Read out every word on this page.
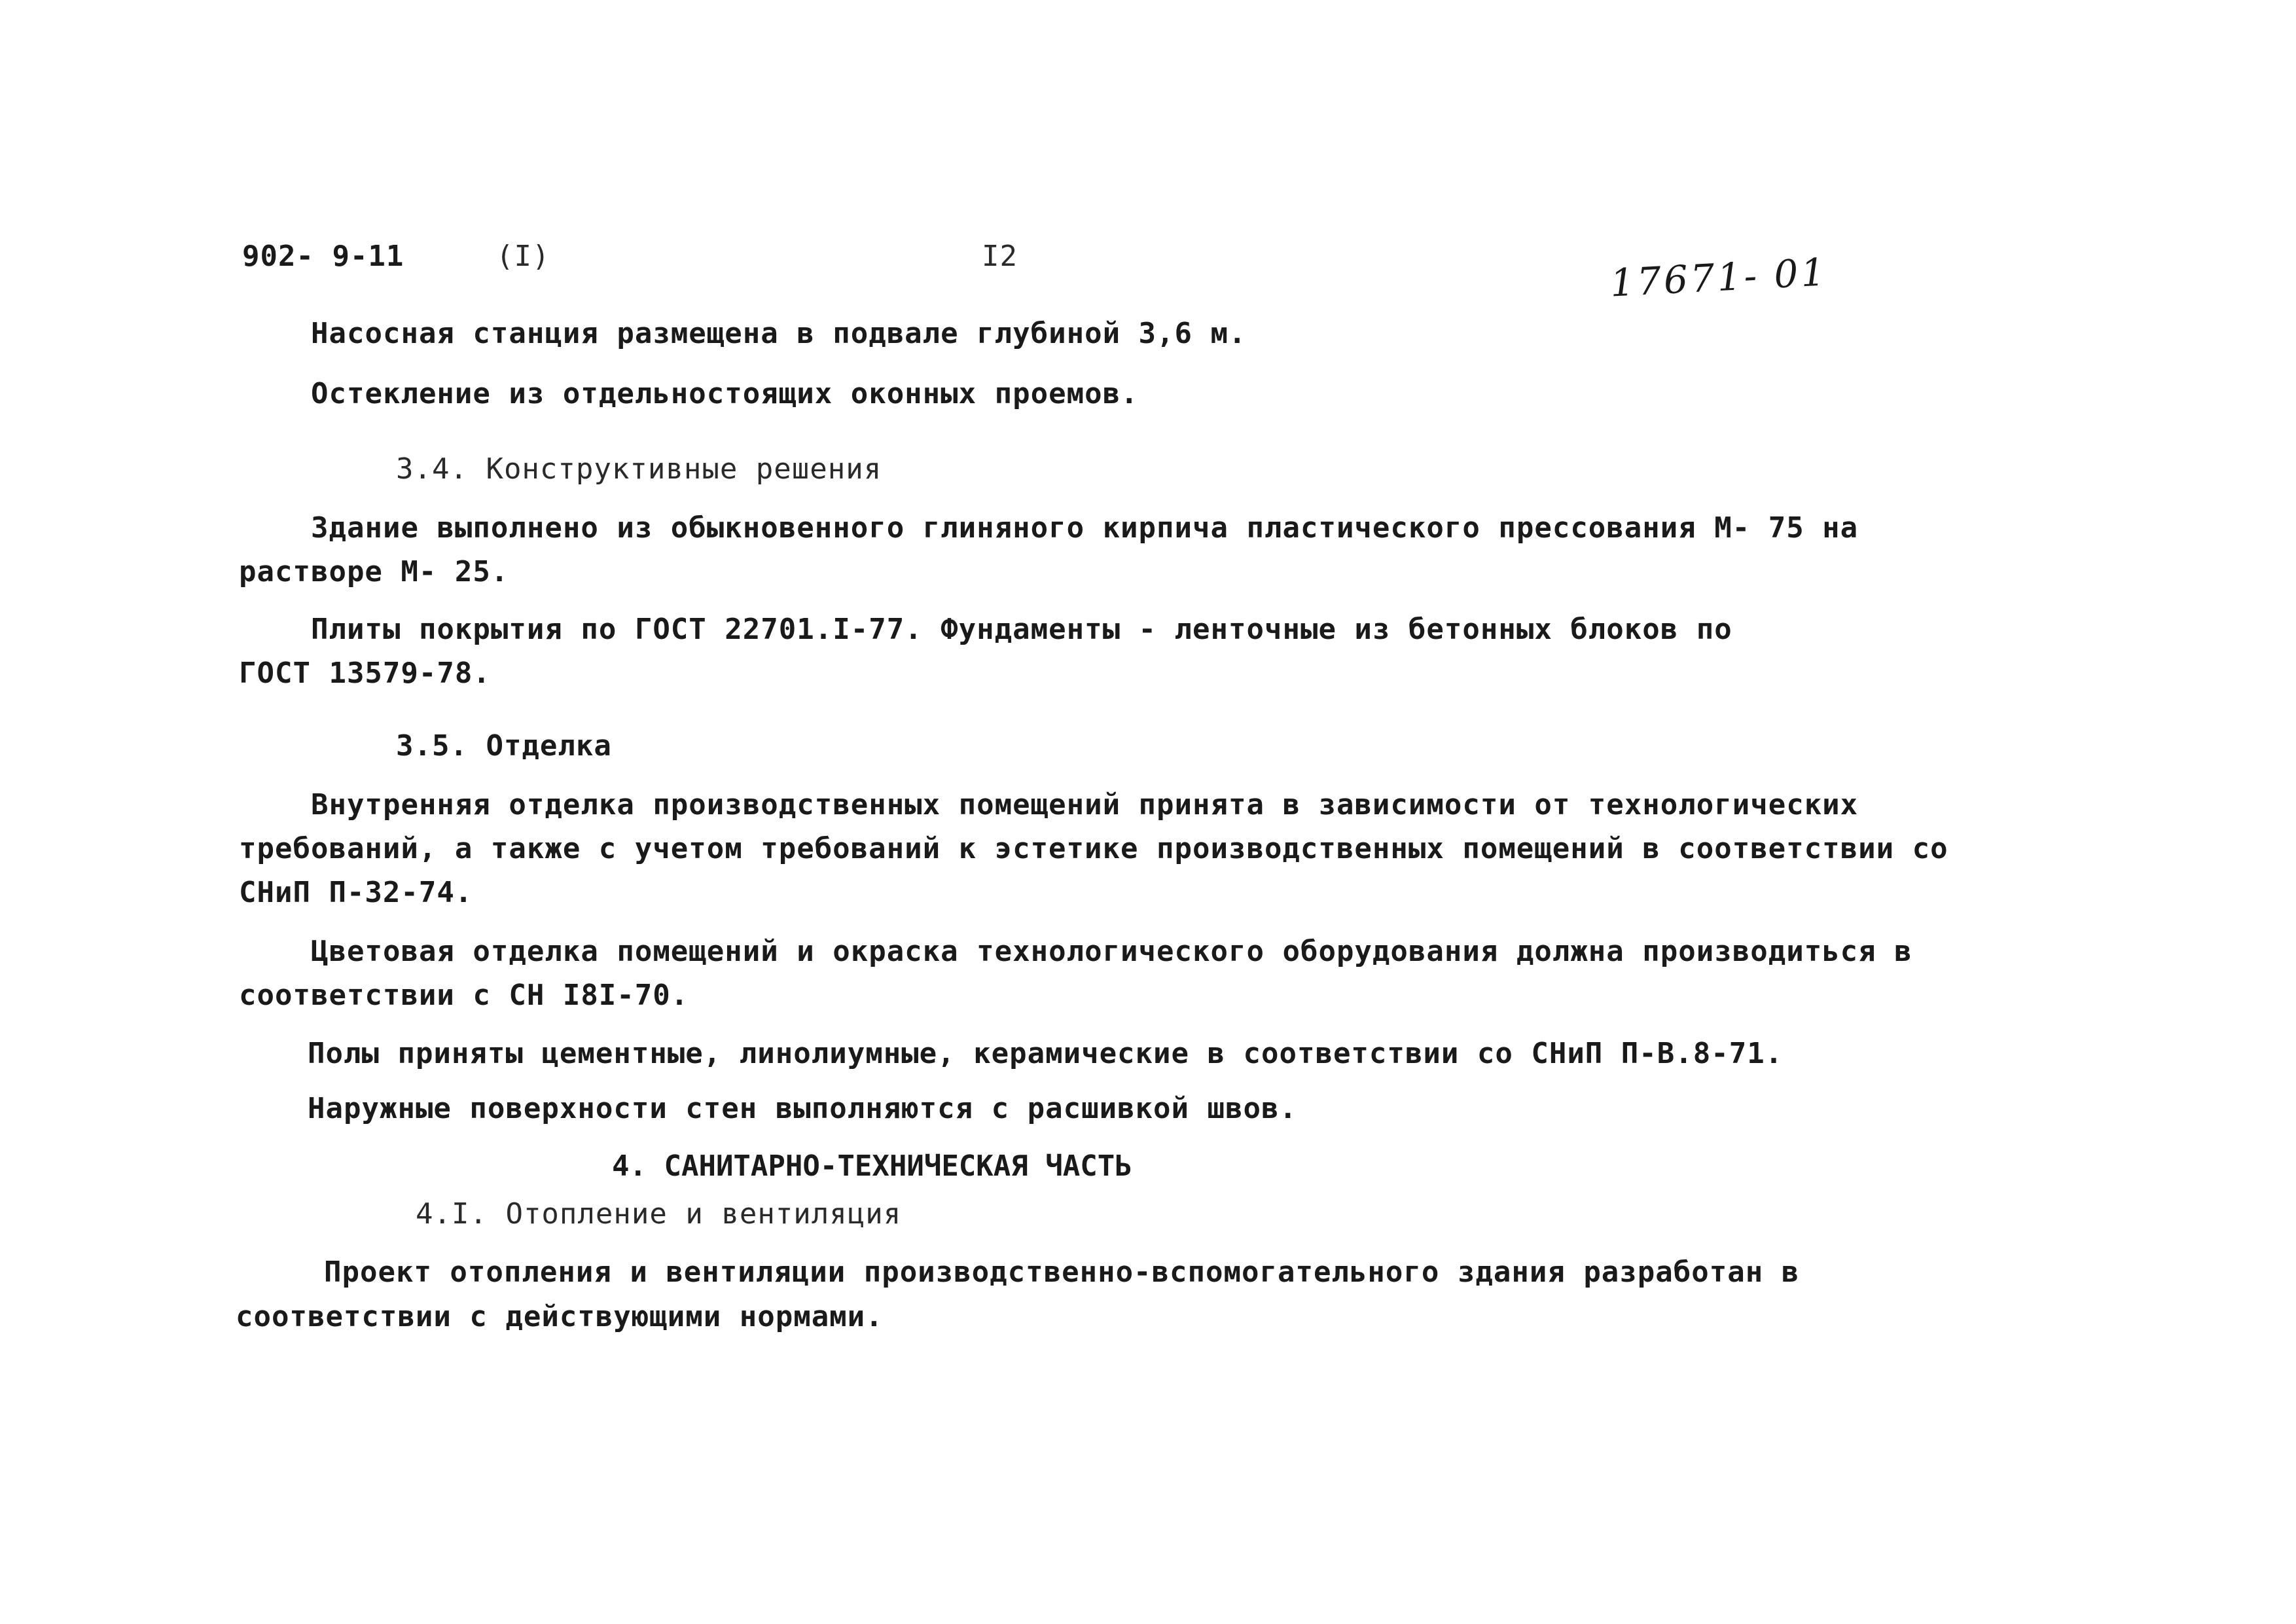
902- 9-11	(I)	I2	17671- 01
Насосная станция размещена в подвале глубиной 3,6 м.
Остекление из отдельностоящих оконных проемов.
3.4. Конструктивные решения
Здание выполнено из обыкновенного глиняного кирпича пластического прессования М- 75 на
растворе М- 25.
Плиты покрытия по ГОСТ 22701.I-77. Фундаменты - ленточные из бетонных блоков по
ГОСТ 13579-78.
3.5. Отделка
Внутренняя отделка производственных помещений принята в зависимости от технологических
требований, а также с учетом требований к эстетике производственных помещений в соответствии со
СНиП П-32-74.
Цветовая отделка помещений и окраска технологического оборудования должна производиться в
соответствии с СН I8I-70.
Полы приняты цементные, линолиумные, керамические в соответствии со СНиП П-В.8-71.
Наружные поверхности стен выполняются с расшивкой швов.
4. САНИТАРНО-ТЕХНИЧЕСКАЯ ЧАСТЬ
4.I. Отопление и вентиляция
Проект отопления и вентиляции производственно-вспомогательного здания разработан в
соответствии с действующими нормами.
